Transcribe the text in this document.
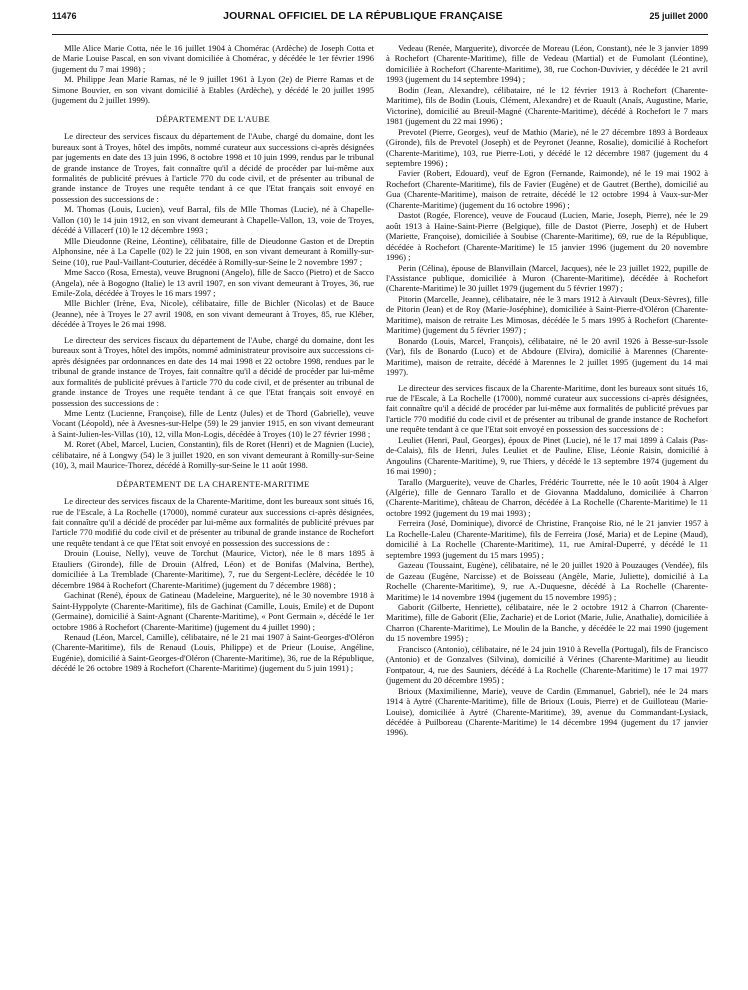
11476	JOURNAL OFFICIEL DE LA RÉPUBLIQUE FRANÇAISE	25 juillet 2000

Mlle Alice Marie Cotta, née le 16 juillet 1904 à Chomérac (Ardèche) de Joseph Cotta et de Marie Louise Pascal, en son vivant domiciliée à Chomérac, y décédée le 1er février 1996 (jugement du 7 mai 1998) ;

M. Philippe Jean Marie Ramas, né le 9 juillet 1961 à Lyon (2e) de Pierre Ramas et de Simone Bouvier, en son vivant domicilié à Etables (Ardèche), y décédé le 20 juillet 1995 (jugement du 2 juillet 1999).

DÉPARTEMENT DE L'AUBE

Le directeur des services fiscaux du département de l'Aube, chargé du domaine, dont les bureaux sont à Troyes, hôtel des impôts, nommé curateur aux successions ci-après désignées par jugements en date des 13 juin 1996, 8 octobre 1998 et 10 juin 1999, rendus par le tribunal de grande instance de Troyes, fait connaître qu'il a décidé de procéder par lui-même aux formalités de publicité prévues à l'article 770 du code civil, et de présenter au tribunal de grande instance de Troyes une requête tendant à ce que l'Etat français soit envoyé en possession des successions de :

M. Thomas (Louis, Lucien), veuf Barral, fils de Mlle Thomas (Lucie), né à Chapelle-Vallon (10) le 14 juin 1912, en son vivant demeurant à Chapelle-Vallon, 13, voie de Troyes, décédé à Villacerf (10) le 12 décembre 1993 ;

Mlle Dieudonne (Reine, Léontine), célibataire, fille de Dieudonne Gaston et de Dreptin Alphonsine, née à La Capelle (02) le 22 juin 1908, en son vivant demeurant à Romilly-sur-Seine (10), rue Paul-Vaillant-Couturier, décédée à Romilly-sur-Seine le 2 novembre 1997 ;

Mme Sacco (Rosa, Ernesta), veuve Brugnoni (Angelo), fille de Sacco (Pietro) et de Sacco (Angela), née à Bogogno (Italie) le 13 avril 1907, en son vivant demeurant à Troyes, 36, rue Emile-Zola, décédée à Troyes le 16 mars 1997 ;

Mlle Bichler (Irène, Eva, Nicole), célibataire, fille de Bichler (Nicolas) et de Bauce (Jeanne), née à Troyes le 27 avril 1908, en son vivant demeurant à Troyes, 85, rue Kléber, décédée à Troyes le 26 mai 1998.

Le directeur des services fiscaux du département de l'Aube, chargé du domaine, dont les bureaux sont à Troyes, hôtel des impôts, nommé administrateur provisoire aux successions ci-après désignées par ordonnances en date des 14 mai 1998 et 22 octobre 1998, rendues par le tribunal de grande instance de Troyes, fait connaître qu'il a décidé de procéder par lui-même aux formalités de publicité prévues à l'article 770 du code civil, et de présenter au tribunal de grande instance de Troyes une requête tendant à ce que l'Etat français soit envoyé en possession des successions de :

Mme Lentz (Lucienne, Françoise), fille de Lentz (Jules) et de Thord (Gabrielle), veuve Vocant (Léopold), née à Avesnes-sur-Helpe (59) le 29 janvier 1915, en son vivant demeurant à Saint-Julien-les-Villas (10), 12, villa Mon-Logis, décédée à Troyes (10) le 27 février 1998 ;

M. Roret (Abel, Marcel, Lucien, Constantin), fils de Roret (Henri) et de Magnien (Lucie), célibataire, né à Longwy (54) le 3 juillet 1920, en son vivant demeurant à Romilly-sur-Seine (10), 3, mail Maurice-Thorez, décédé à Romilly-sur-Seine le 11 août 1998.

DÉPARTEMENT DE LA CHARENTE-MARITIME

Le directeur des services fiscaux de la Charente-Maritime, dont les bureaux sont situés 16, rue de l'Escale, à La Rochelle (17000), nommé curateur aux successions ci-après désignées, fait connaître qu'il a décidé de procéder par lui-même aux formalités de publicité prévues par l'article 770 modifié du code civil et de présenter au tribunal de grande instance de Rochefort une requête tendant à ce que l'Etat soit envoyé en possession des successions de :

Drouin (Louise, Nelly), veuve de Torchut (Maurice, Victor), née le 8 mars 1895 à Etauliers (Gironde), fille de Drouin (Alfred, Léon) et de Bonifas (Malvina, Berthe), domiciliée à La Tremblade (Charente-Maritime), 7, rue du Sergent-Leclère, décédée le 10 décembre 1984 à Rochefort (Charente-Maritime) (jugement du 7 décembre 1988) ;

Gachinat (René), époux de Gatineau (Madeleine, Marguerite), né le 30 novembre 1918 à Saint-Hyppolyte (Charente-Maritime), fils de Gachinat (Camille, Louis, Emile) et de Dupont (Germaine), domicilié à Saint-Agnant (Charente-Maritime), « Pont Germain », décédé le 1er octobre 1986 à Rochefort (Charente-Maritime) (jugement du 4 juillet 1990) ;

Renaud (Léon, Marcel, Camille), célibataire, né le 21 mai 1907 à Saint-Georges-d'Oléron (Charente-Maritime), fils de Renaud (Louis, Philippe) et de Prieur (Louise, Angéline, Eugénie), domicilié à Saint-Georges-d'Oléron (Charente-Maritime), 36, rue de la République, décédé le 26 octobre 1989 à Rochefort (Charente-Maritime) (jugement du 5 juin 1991) ;

Vedeau (Renée, Marguerite), divorcée de Moreau (Léon, Constant), née le 3 janvier 1899 à Rochefort (Charente-Maritime), fille de Vedeau (Martial) et de Fumolant (Léontine), domiciliée à Rochefort (Charente-Maritime), 38, rue Cochon-Duvivier, y décédée le 21 avril 1993 (jugement du 14 septembre 1994) ;

Bodin (Jean, Alexandre), célibataire, né le 12 février 1913 à Rochefort (Charente-Maritime), fils de Bodin (Louis, Clément, Alexandre) et de Ruault (Anaïs, Augustine, Marie, Victorine), domicilié au Breuil-Magné (Charente-Maritime), décédé à Rochefort le 7 mars 1981 (jugement du 22 mai 1996) ;

Prevotel (Pierre, Georges), veuf de Mathio (Marie), né le 27 décembre 1893 à Bordeaux (Gironde), fils de Prevotel (Joseph) et de Peyronet (Jeanne, Rosalie), domicilié à Rochefort (Charente-Maritime), 103, rue Pierre-Loti, y décédé le 12 décembre 1987 (jugement du 4 septembre 1996) ;

Favier (Robert, Edouard), veuf de Egron (Fernande, Raimonde), né le 19 mai 1902 à Rochefort (Charente-Maritime), fils de Favier (Eugène) et de Gautret (Berthe), domicilié au Gua (Charente-Maritime), maison de retraite, décédé le 12 octobre 1994 à Vaux-sur-Mer (Charente-Maritime) (jugement du 16 octobre 1996) ;

Dastot (Rogée, Florence), veuve de Foucaud (Lucien, Marie, Joseph, Pierre), née le 29 août 1913 à Haine-Saint-Pierre (Belgique), fille de Dastot (Pierre, Joseph) et de Hubert (Mariette, Françoise), domiciliée à Soubise (Charente-Maritime), 69, rue de la République, décédée à Rochefort (Charente-Maritime) le 15 janvier 1996 (jugement du 20 novembre 1996) ;

Perin (Célina), épouse de Blanvillain (Marcel, Jacques), née le 23 juillet 1922, pupille de l'Assistance publique, domiciliée à Muron (Charente-Maritime), décédée à Rochefort (Charente-Maritime) le 30 juillet 1979 (jugement du 5 février 1997) ;

Pitorin (Marcelle, Jeanne), célibataire, née le 3 mars 1912 à Airvault (Deux-Sèvres), fille de Pitorin (Jean) et de Roy (Marie-Joséphine), domiciliée à Saint-Pierre-d'Oléron (Charente-Maritime), maison de retraite Les Mimosas, décédée le 5 mars 1995 à Rochefort (Charente-Maritime) (jugement du 5 février 1997) ;

Bonardo (Louis, Marcel, François), célibataire, né le 20 avril 1926 à Besse-sur-Issole (Var), fils de Bonardo (Luco) et de Abdoure (Elvira), domicilié à Marennes (Charente-Maritime), maison de retraite, décédé à Marennes le 2 juillet 1995 (jugement du 14 mai 1997).

Le directeur des services fiscaux de la Charente-Maritime, dont les bureaux sont situés 16, rue de l'Escale, à La Rochelle (17000), nommé curateur aux successions ci-après désignées, fait connaître qu'il a décidé de procéder par lui-même aux formalités de publicité prévues par l'article 770 modifié du code civil et de présenter au tribunal de grande instance de Rochefort une requête tendant à ce que l'Etat soit envoyé en possession des successions de :

Leuliet (Henri, Paul, Georges), époux de Pinet (Lucie), né le 17 mai 1899 à Calais (Pas-de-Calais), fils de Henri, Jules Leuliet et de Pauline, Elise, Léonie Raisin, domicilié à Angoulins (Charente-Maritime), 9, rue Thiers, y décédé le 13 septembre 1974 (jugement du 16 mai 1990) ;

Tarallo (Marguerite), veuve de Charles, Frédéric Tourrette, née le 10 août 1904 à Alger (Algérie), fille de Gennaro Tarallo et de Giovanna Maddaluno, domiciliée à Charron (Charente-Maritime), château de Charron, décédée à La Rochelle (Charente-Maritime) le 11 octobre 1992 (jugement du 19 mai 1993) ;

Ferreira (José, Dominique), divorcé de Christine, Françoise Rio, né le 21 janvier 1957 à La Rochelle-Laleu (Charente-Maritime), fils de Ferreira (José, Maria) et de Lepine (Maud), domicilié à La Rochelle (Charente-Maritime), 11, rue Amiral-Duperré, y décédé le 11 septembre 1993 (jugement du 15 mars 1995) ;

Gazeau (Toussaint, Eugène), célibataire, né le 20 juillet 1920 à Pouzauges (Vendée), fils de Gazeau (Eugène, Narcisse) et de Boisseau (Angèle, Marie, Juliette), domicilié à La Rochelle (Charente-Maritime), 9, rue A.-Duquesne, décédé à La Rochelle (Charente-Maritime) le 14 novembre 1994 (jugement du 15 novembre 1995) ;

Gaborit (Gilberte, Henriette), célibataire, née le 2 octobre 1912 à Charron (Charente-Maritime), fille de Gaborit (Elie, Zacharie) et de Loriot (Marie, Julie, Anathalie), domiciliée à Charron (Charente-Maritime), Le Moulin de la Banche, y décédée le 22 mai 1990 (jugement du 15 novembre 1995) ;

Francisco (Antonio), célibataire, né le 24 juin 1910 à Revella (Portugal), fils de Francisco (Antonio) et de Gonzalves (Silvina), domicilié à Vérines (Charente-Maritime) au lieudit Fontpatour, 4, rue des Sauniers, décédé à La Rochelle (Charente-Maritime) le 17 mai 1977 (jugement du 20 décembre 1995) ;

Brioux (Maximilienne, Marie), veuve de Cardin (Emmanuel, Gabriel), née le 24 mars 1914 à Aytré (Charente-Maritime), fille de Brioux (Louis, Pierre) et de Guilloteau (Marie-Louise), domiciliée à Aytré (Charente-Maritime), 39, avenue du Commandant-Lysiack, décédée à Puilboreau (Charente-Maritime) le 14 décembre 1994 (jugement du 17 janvier 1996).
